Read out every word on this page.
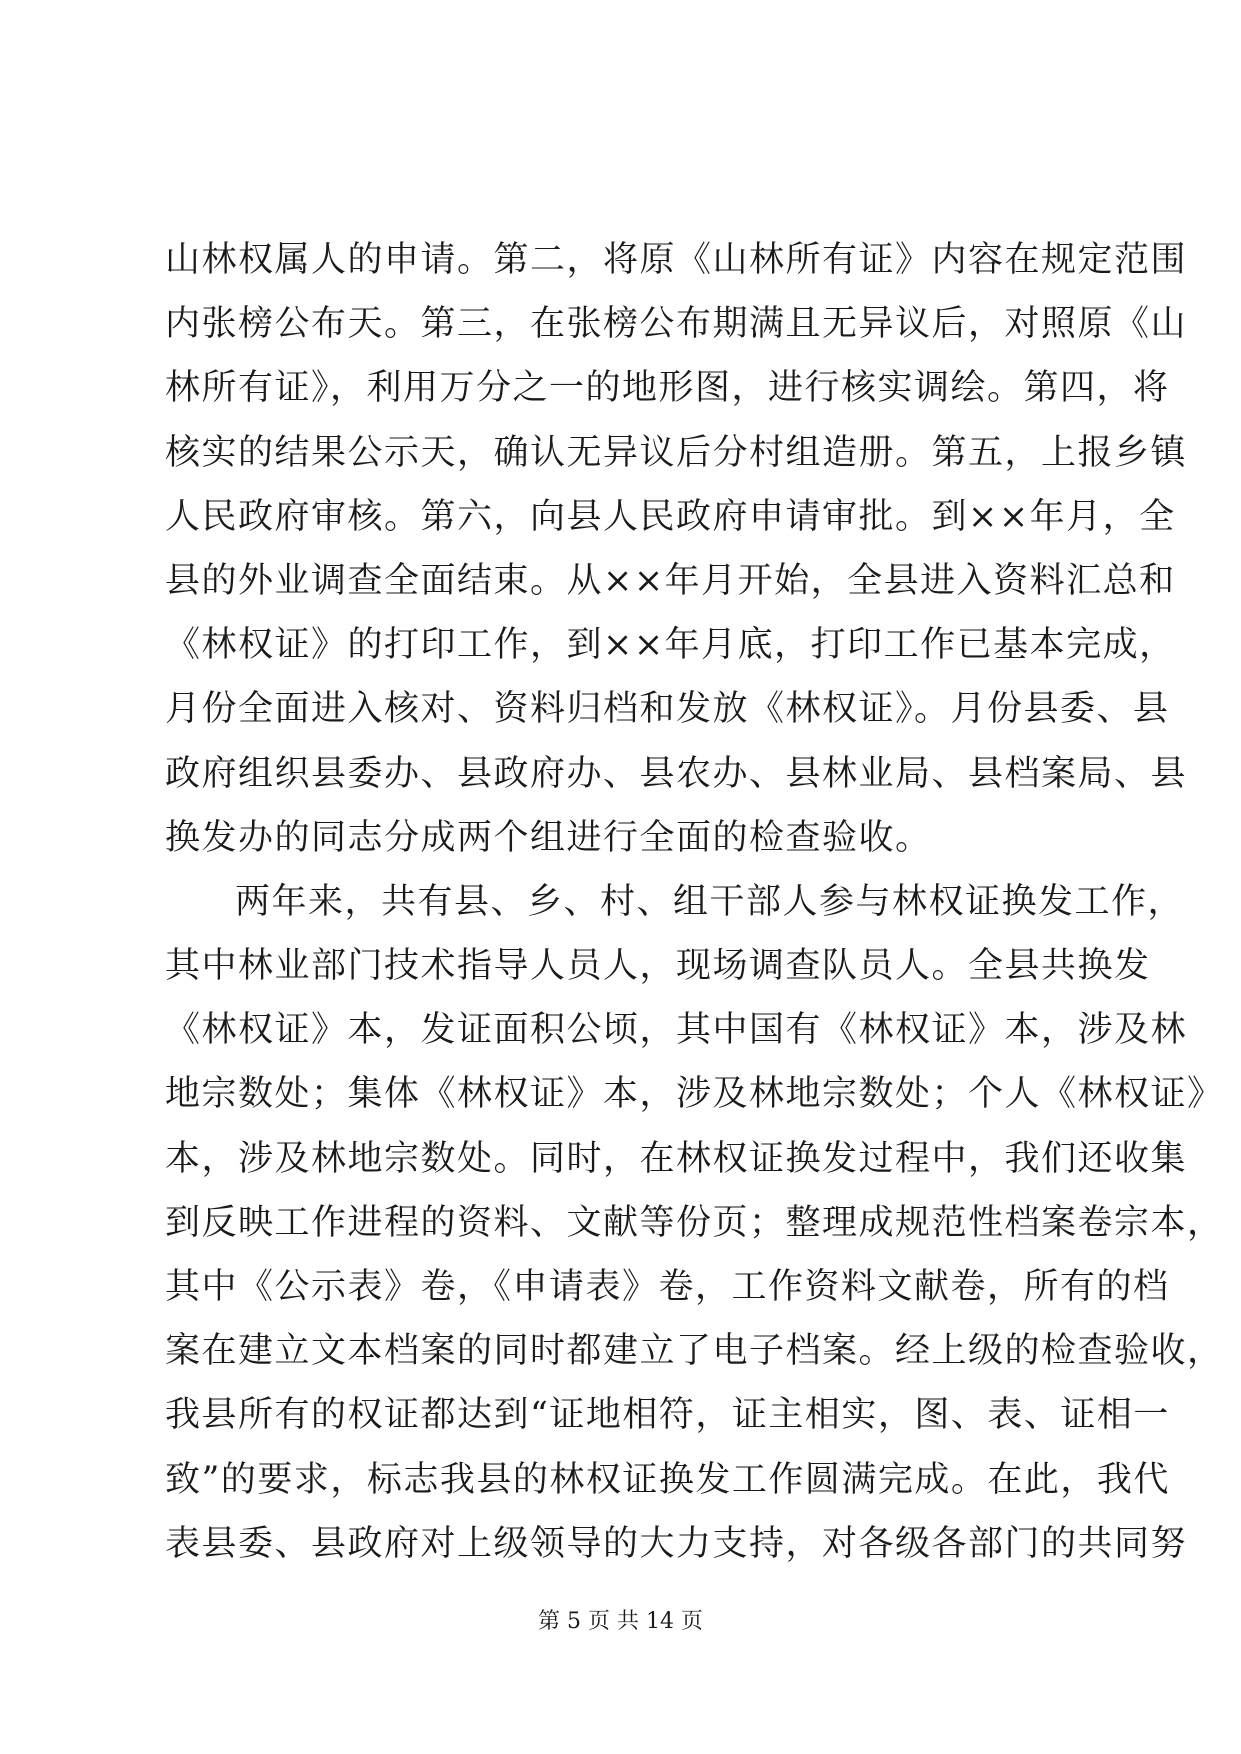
山林权属人的申请。第二，将原《山林所有证》内容在规定范围
内张榜公布天。第三，在张榜公布期满且无异议后，对照原《山
林所有证》，利用万分之一的地形图，进行核实调绘。第四，将
核实的结果公示天，确认无异议后分村组造册。第五，上报乡镇
人民政府审核。第六，向县人民政府申请审批。到××年月，全
县的外业调查全面结束。从××年月开始，全县进入资料汇总和
《林权证》的打印工作，到××年月底，打印工作已基本完成，
月份全面进入核对、资料归档和发放《林权证》。月份县委、县
政府组织县委办、县政府办、县农办、县林业局、县档案局、县
换发办的同志分成两个组进行全面的检查验收。
两年来，共有县、乡、村、组干部人参与林权证换发工作，
其中林业部门技术指导人员人，现场调查队员人。全县共换发
《林权证》本，发证面积公顷，其中国有《林权证》本，涉及林
地宗数处；集体《林权证》本，涉及林地宗数处；个人《林权证》
本，涉及林地宗数处。同时，在林权证换发过程中，我们还收集
到反映工作进程的资料、文献等份页；整理成规范性档案卷宗本，
其中《公示表》卷，《申请表》卷，工作资料文献卷，所有的档
案在建立文本档案的同时都建立了电子档案。经上级的检查验收，
我县所有的权证都达到“证地相符，证主相实，图、表、证相一
致”的要求，标志我县的林权证换发工作圆满完成。在此，我代
表县委、县政府对上级领导的大力支持，对各级各部门的共同努
第 5 页 共 14 页
